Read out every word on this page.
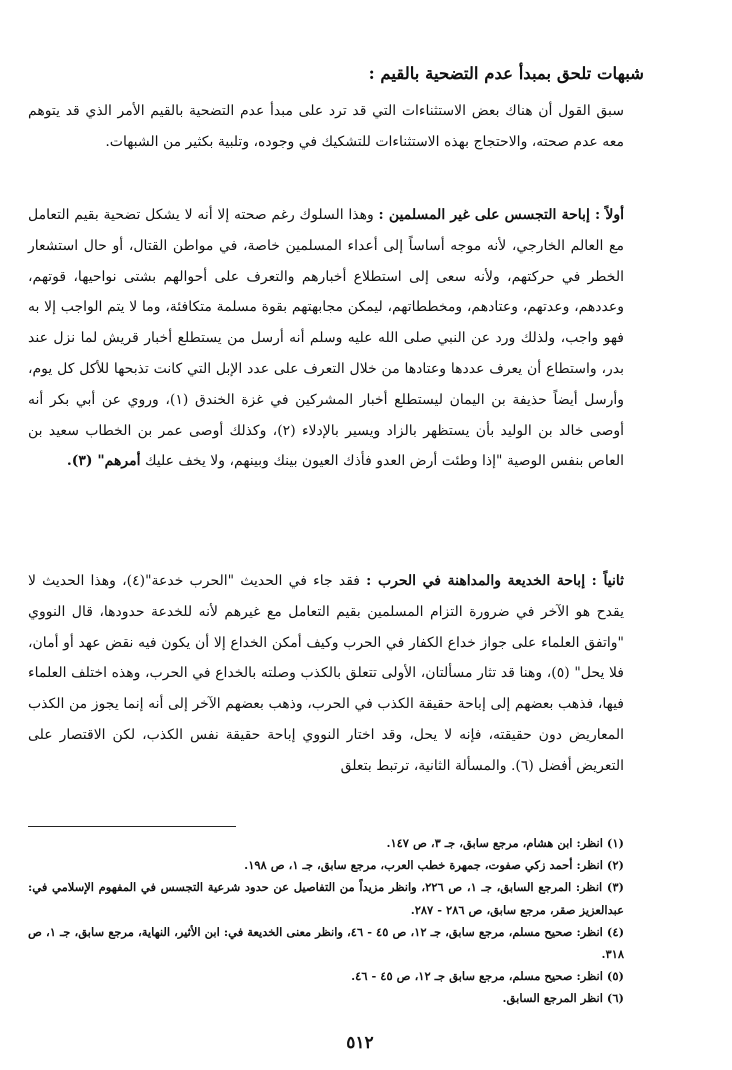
شبهات تلحق بمبدأ عدم التضحية بالقيم :
سبق القول أن هناك بعض الاستثناءات التي قد ترد على مبدأ عدم التضحية بالقيم الأمر الذي قد يتوهم معه عدم صحته، والاحتجاج بهذه الاستثناءات للتشكيك في وجوده، وتلبية بكثير من الشبهات.
أولاً : إباحة التجسس على غير المسلمين : وهذا السلوك رغم صحته إلا أنه لا يشكل تضحية بقيم التعامل مع العالم الخارجي، لأنه موجه أساساً إلى أعداء المسلمين خاصة، في مواطن القتال، أو حال استشعار الخطر في حركتهم، ولأنه سعى إلى استطلاع أخبارهم والتعرف على أحوالهم بشتى نواحيها، قوتهم، وعددهم، وعدتهم، وعتادهم، ومخططاتهم، ليمكن مجابهتهم بقوة مسلمة متكافئة، وما لا يتم الواجب إلا به فهو واجب، ولذلك ورد عن النبي صلى الله عليه وسلم أنه أرسل من يستطلع أخبار قريش لما نزل عند بدر، واستطاع أن يعرف عددها وعتادها من خلال التعرف على عدد الإبل التي كانت تذبحها للأكل كل يوم، وأرسل أيضاً حذيفة بن اليمان ليستطلع أخبار المشركين في غزة الخندق (١)، وروي عن أبي بكر أنه أوصى خالد بن الوليد بأن يستظهر بالزاد ويسير بالإدلاء (٢)، وكذلك أوصى عمر بن الخطاب سعيد بن العاص بنفس الوصية "إذا وطئت أرض العدو فأذك العيون بينك وبينهم، ولا يخف عليك أمرهم" (٣).
ثانياً : إباحة الخديعة والمداهنة في الحرب : فقد جاء في الحديث "الحرب خدعة"(٤)، وهذا الحديث لا يقدح هو الآخر في ضرورة التزام المسلمين بقيم التعامل مع غيرهم لأنه للخدعة حدودها، قال النووي "واتفق العلماء على جواز خداع الكفار في الحرب وكيف أمكن الخداع إلا أن يكون فيه نقض عهد أو أمان، فلا يحل" (٥)، وهنا قد تثار مسألتان، الأولى تتعلق بالكذب وصلته بالخداع في الحرب، وهذه اختلف العلماء فيها، فذهب بعضهم إلى إباحة حقيقة الكذب في الحرب، وذهب بعضهم الآخر إلى أنه إنما يجوز من الكذب المعاريض دون حقيقته، فإنه لا يحل، وقد اختار النووي إباحة حقيقة نفس الكذب، لكن الاقتصار على التعريض أفضل (٦). والمسألة الثانية، ترتبط بتعلق
(١) انظر: ابن هشام، مرجع سابق، جـ ٣، ص ١٤٧.
(٢) انظر: أحمد زكي صفوت، جمهرة خطب العرب، مرجع سابق، جـ ١، ص ١٩٨.
(٣) انظر: المرجع السابق، جـ ١، ص ٢٢٦، وانظر مزيداً من التفاصيل عن حدود شرعية التجسس في المفهوم الإسلامي في: عبدالعزيز صقر، مرجع سابق، ص ٢٨٦ - ٢٨٧.
(٤) انظر: صحيح مسلم، مرجع سابق، جـ ١٢، ص ٤٥ - ٤٦، وانظر معنى الخديعة في: ابن الأثير، النهاية، مرجع سابق، جـ ١، ص ٣١٨.
(٥) انظر: صحيح مسلم، مرجع سابق جـ ١٢، ص ٤٥ - ٤٦.
(٦) انظر المرجع السابق.
٥١٢
